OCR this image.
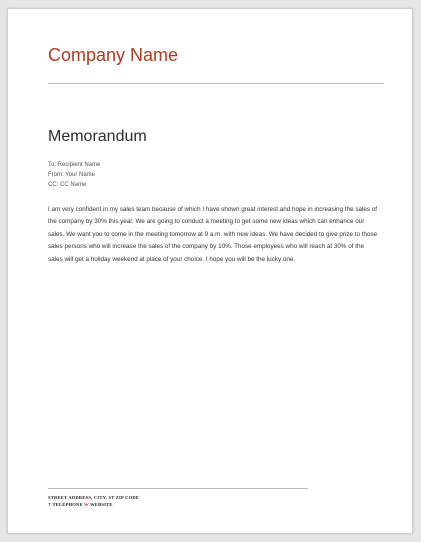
Company Name
Memorandum
To: Recipient Name
From: Your Name
CC: CC Name
I am very confident in my sales team because of which I have shown great interest and hope in increasing the sales of the company by 30% this year. We are going to conduct a meeting to get some new ideas which can enhance our sales. We want you to come in the meeting tomorrow at 9 a.m. with new ideas. We have decided to give prize to those sales persons who will increase the sales of the company by 10%. Those employees who will reach at 30% of the sales will get a holiday weekend at place of your choice. I hope you will be the lucky one.
STREET ADDRESS, CITY, ST ZIP CODE
T TELEPHONE W WEBSITE
